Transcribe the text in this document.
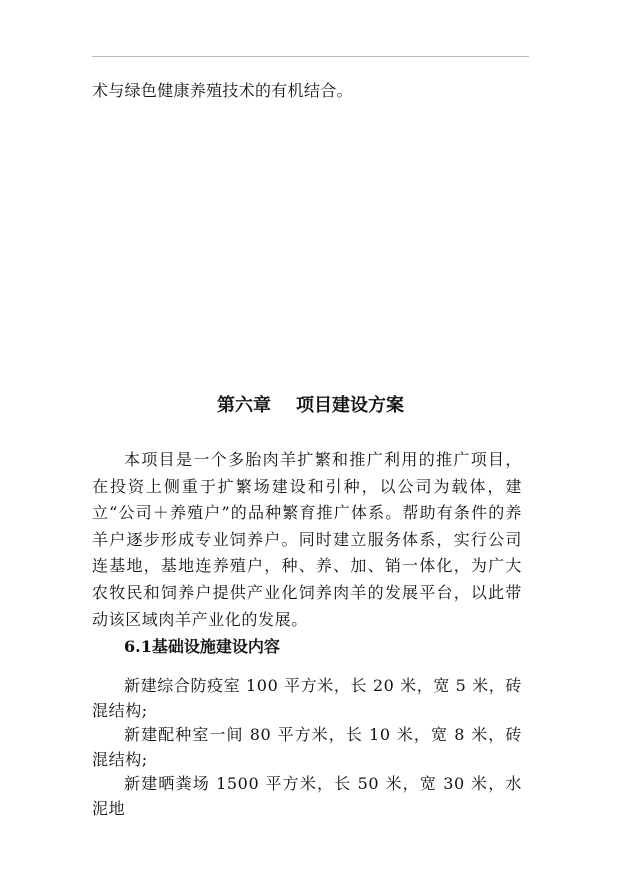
术与绿色健康养殖技术的有机结合。
第六章    项目建设方案
本项目是一个多胎肉羊扩繁和推广利用的推广项目，在投资上侧重于扩繁场建设和引种，以公司为载体，建立“公司＋养殖户”的品种繁育推广体系。帮助有条件的养羊户逐步形成专业饲养户。同时建立服务体系，实行公司连基地，基地连养殖户，种、养、加、销一体化，为广大农牧民和饲养户提供产业化饲养肉羊的发展平台，以此带动该区域肉羊产业化的发展。
6.1基础设施建设内容
新建综合防疫室 100 平方米，长 20 米，宽 5 米，砖混结构;
新建配种室一间 80 平方米，长 10 米，宽 8 米，砖混结构;
新建晒粪场 1500 平方米，长 50 米，宽 30 米，水泥地
